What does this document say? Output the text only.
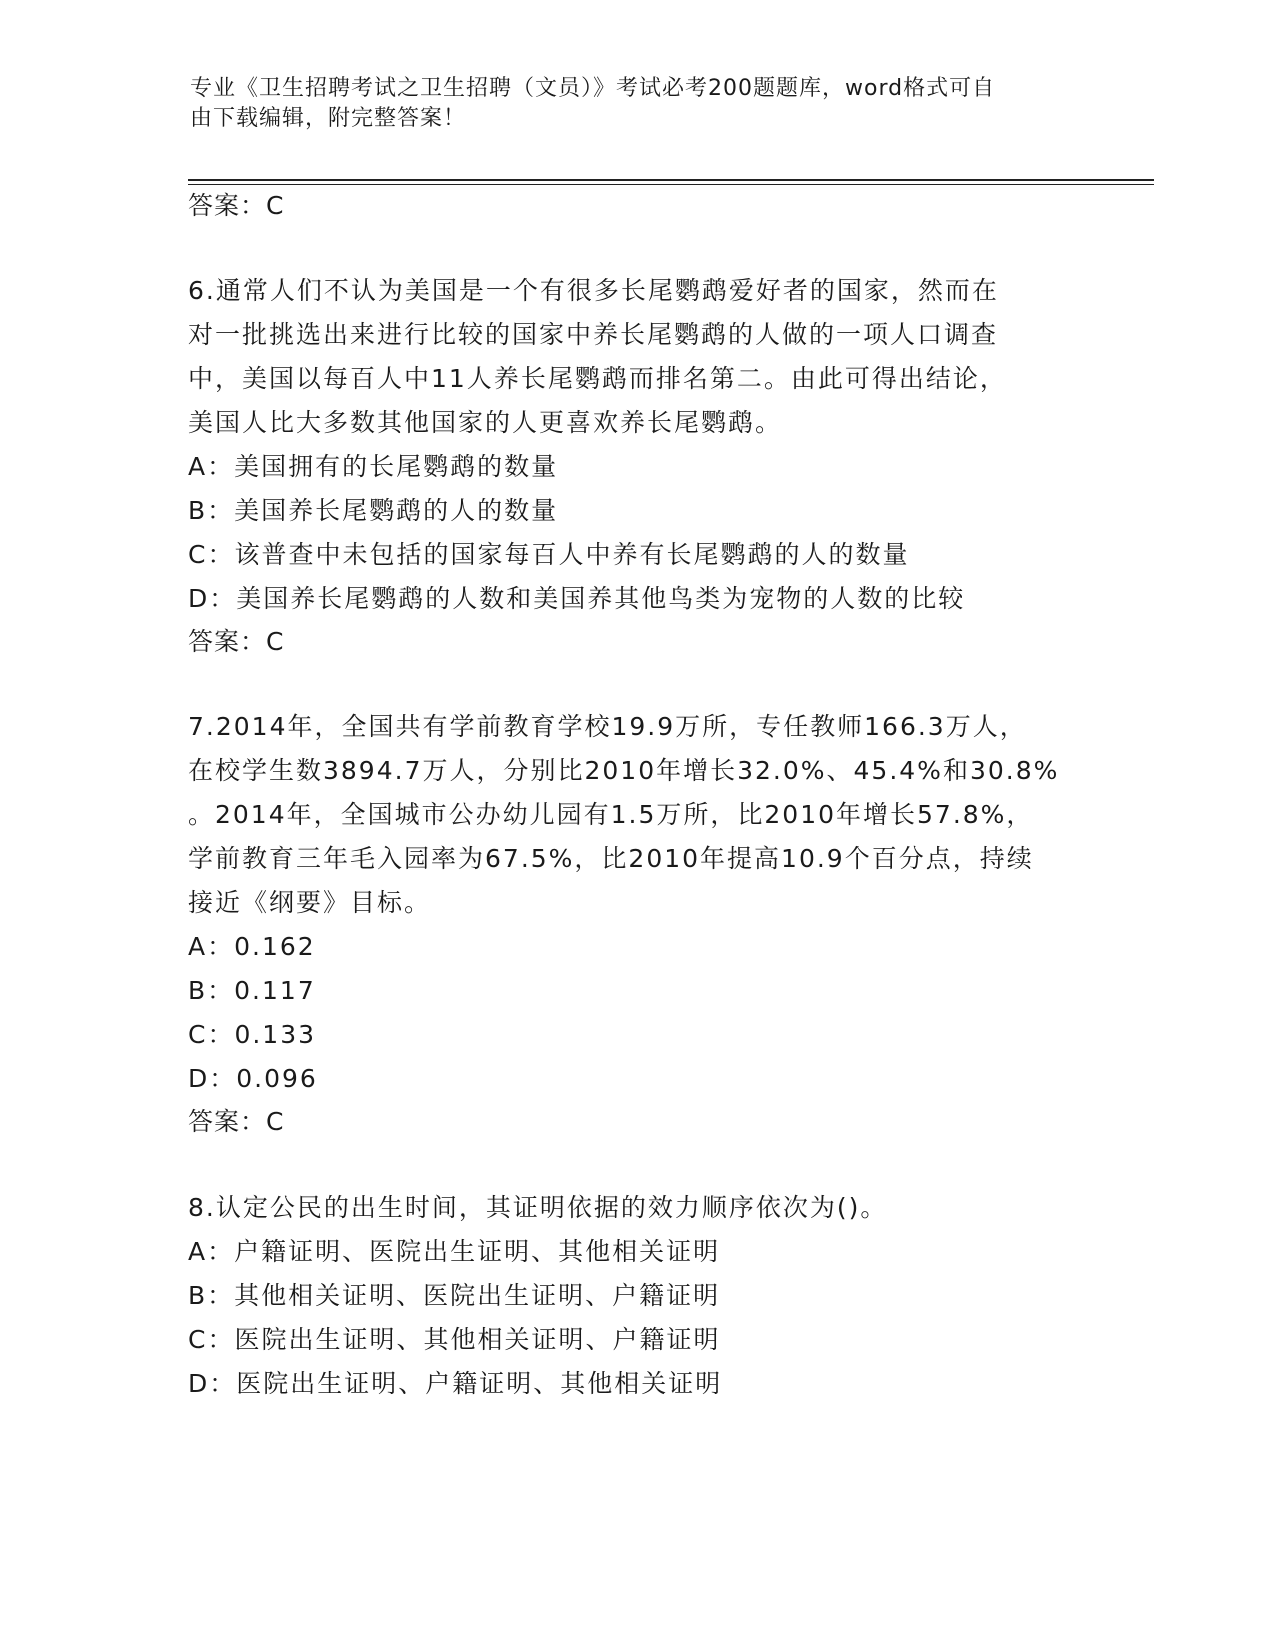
专业《卫生招聘考试之卫生招聘（文员）》考试必考200题题库，word格式可自
由下载编辑，附完整答案！
答案：C
6.通常人们不认为美国是一个有很多长尾鹦鹉爱好者的国家，然而在
对一批挑选出来进行比较的国家中养长尾鹦鹉的人做的一项人口调查
中，美国以每百人中11人养长尾鹦鹉而排名第二。由此可得出结论，
美国人比大多数其他国家的人更喜欢养长尾鹦鹉。
A：美国拥有的长尾鹦鹉的数量
B：美国养长尾鹦鹉的人的数量
C：该普查中未包括的国家每百人中养有长尾鹦鹉的人的数量
D：美国养长尾鹦鹉的人数和美国养其他鸟类为宠物的人数的比较
答案：C
7.2014年，全国共有学前教育学校19.9万所，专任教师166.3万人，
在校学生数3894.7万人，分别比2010年增长32.0%、45.4%和30.8%
。2014年，全国城市公办幼儿园有1.5万所，比2010年增长57.8%，
学前教育三年毛入园率为67.5%，比2010年提高10.9个百分点，持续
接近《纲要》目标。
A：0.162
B：0.117
C：0.133
D：0.096
答案：C
8.认定公民的出生时间，其证明依据的效力顺序依次为()。
A：户籍证明、医院出生证明、其他相关证明
B：其他相关证明、医院出生证明、户籍证明
C：医院出生证明、其他相关证明、户籍证明
D：医院出生证明、户籍证明、其他相关证明
